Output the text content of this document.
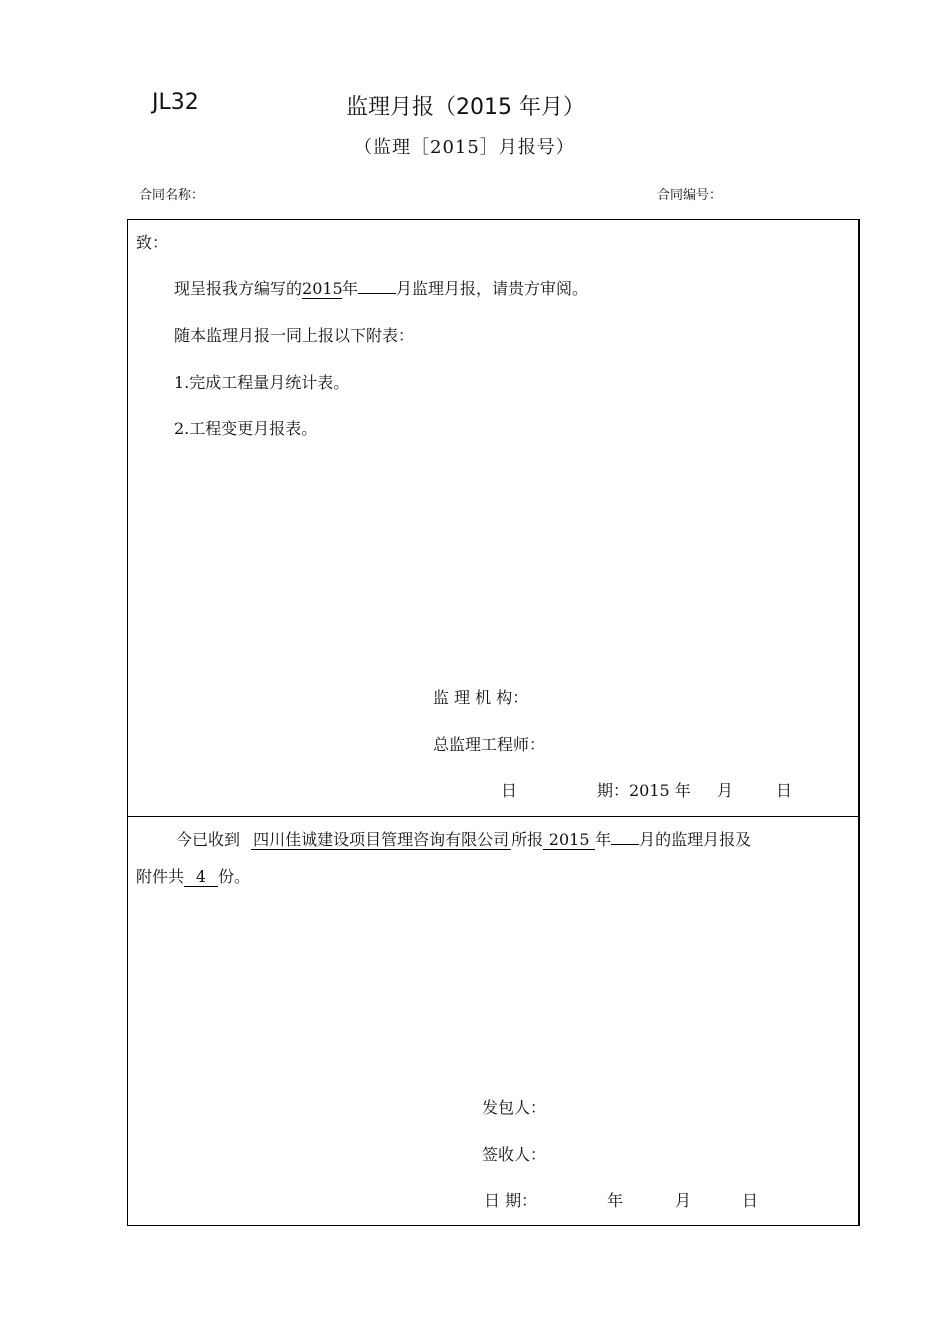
JL32	监理月报（2015 年月）
（监理［2015］月报号）
合同名称：	合同编号：
致：
现呈报我方编写的2015年 月监理月报，请贵方审阅。
随本监理月报一同上报以下附表：
1.完成工程量月统计表。
2.工程变更月报表。
监 理 机 构：
总监理工程师：
日	期：2015 年 月	日
今已收到 四川佳诚建设项目管理咨询有限公司 所报 2015 年 月的监理月报及
附件共 4 份。
发包人：
签收人：
日 期：	年	月	日
